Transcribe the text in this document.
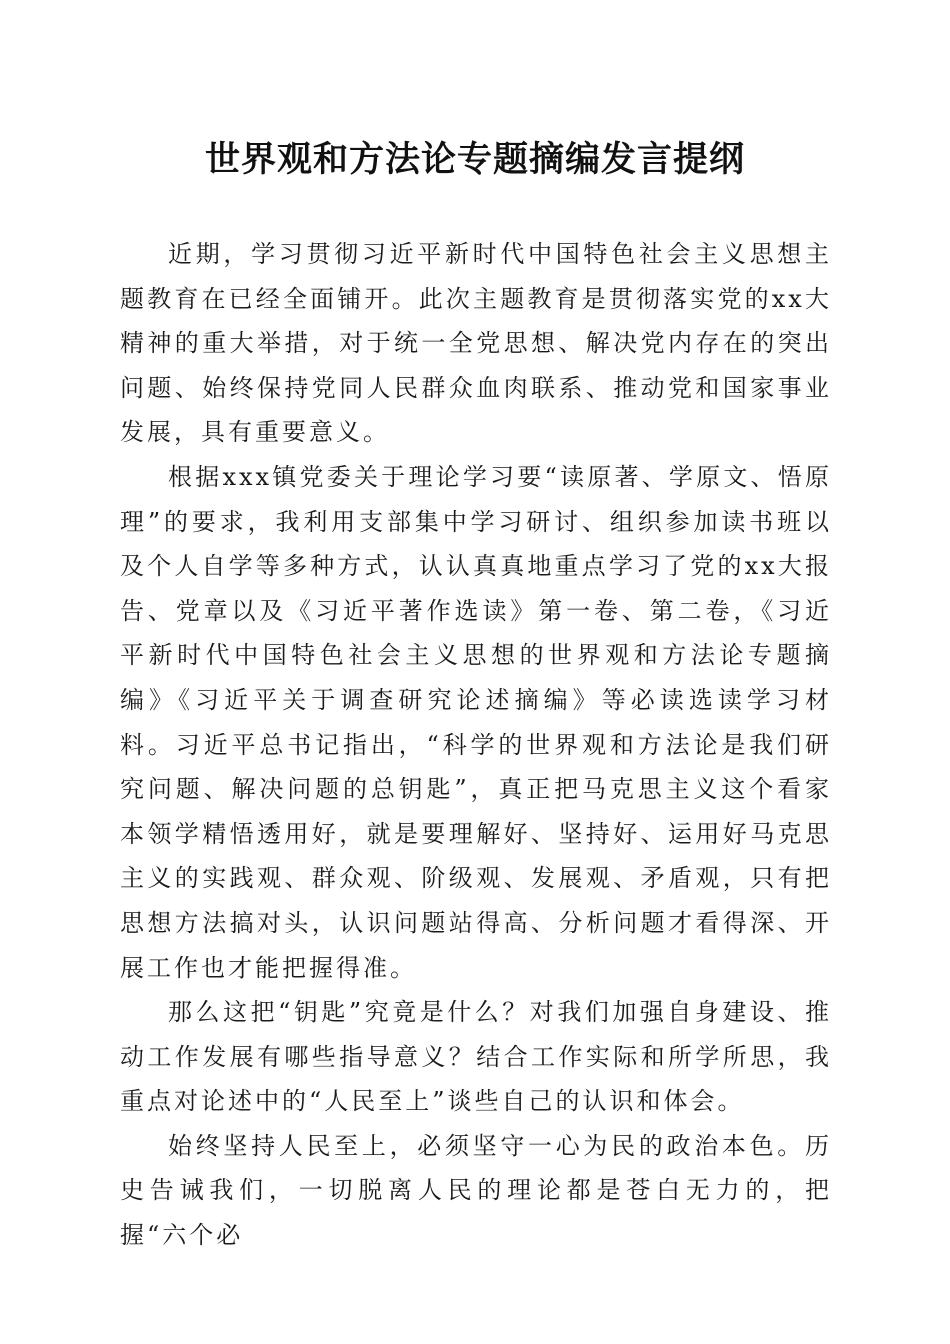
世界观和方法论专题摘编发言提纲

近期，学习贯彻习近平新时代中国特色社会主义思想主题教育在已经全面铺开。此次主题教育是贯彻落实党的xx大精神的重大举措，对于统一全党思想、解决党内存在的突出问题、始终保持党同人民群众血肉联系、推动党和国家事业发展，具有重要意义。

根据xxx镇党委关于理论学习要“读原著、学原文、悟原理”的要求，我利用支部集中学习研讨、组织参加读书班以及个人自学等多种方式，认认真真地重点学习了党的xx大报告、党章以及《习近平著作选读》第一卷、第二卷，《习近平新时代中国特色社会主义思想的世界观和方法论专题摘编》《习近平关于调查研究论述摘编》等必读选读学习材料。习近平总书记指出，“科学的世界观和方法论是我们研究问题、解决问题的总钥匙”，真正把马克思主义这个看家本领学精悟透用好，就是要理解好、坚持好、运用好马克思主义的实践观、群众观、阶级观、发展观、矛盾观，只有把思想方法搞对头，认识问题站得高、分析问题才看得深、开展工作也才能把握得准。

那么这把“钥匙”究竟是什么？对我们加强自身建设、推动工作发展有哪些指导意义？结合工作实际和所学所思，我重点对论述中的“人民至上”谈些自己的认识和体会。

始终坚持人民至上，必须坚守一心为民的政治本色。历史告诫我们，一切脱离人民的理论都是苍白无力的，把握“六个必
